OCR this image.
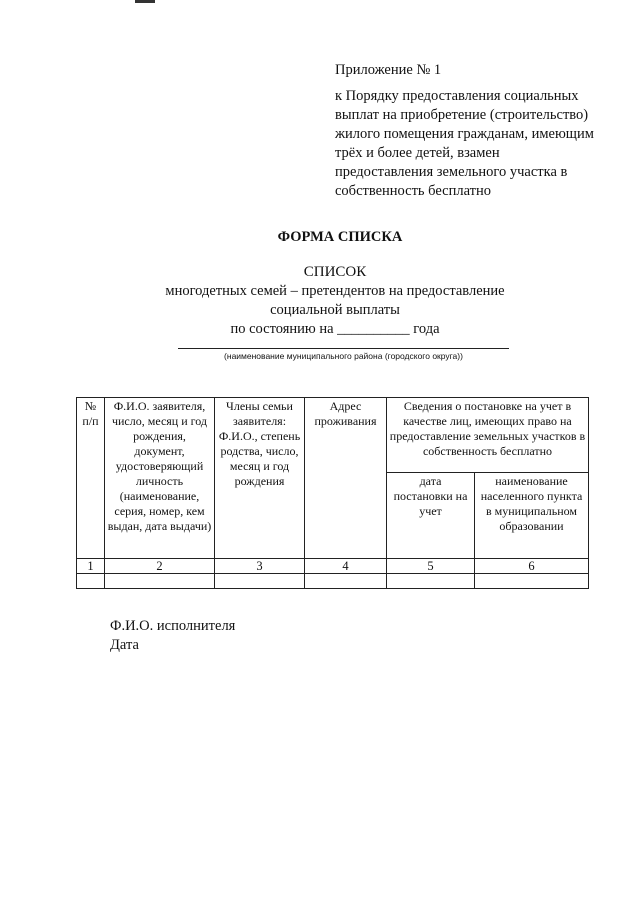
Приложение № 1
к Порядку предоставления социальных
выплат на приобретение (строительство)
жилого помещения гражданам, имеющим
трёх и более детей, взамен
предоставления земельного участка в
собственность бесплатно
ФОРМА СПИСКА
СПИСОК
многодетных семей – претендентов на предоставление
социальной выплаты
по состоянию на __________ года
(наименование муниципального района (городского округа))
№ п/п	Ф.И.О. заявителя, число, месяц и год рождения, документ, удостоверяющий личность (наименование, серия, номер, кем выдан, дата выдачи)	Члены семьи заявителя: Ф.И.О., степень родства, число, месяц и год рождения	Адрес проживания	Сведения о постановке на учет в качестве лиц, имеющих право на предоставление земельных участков в собственность бесплатно	
				дата постановки на учет	наименование населенного пункта в муниципальном образовании
1	2	3	4	5	6

Ф.И.О. исполнителя
Дата
